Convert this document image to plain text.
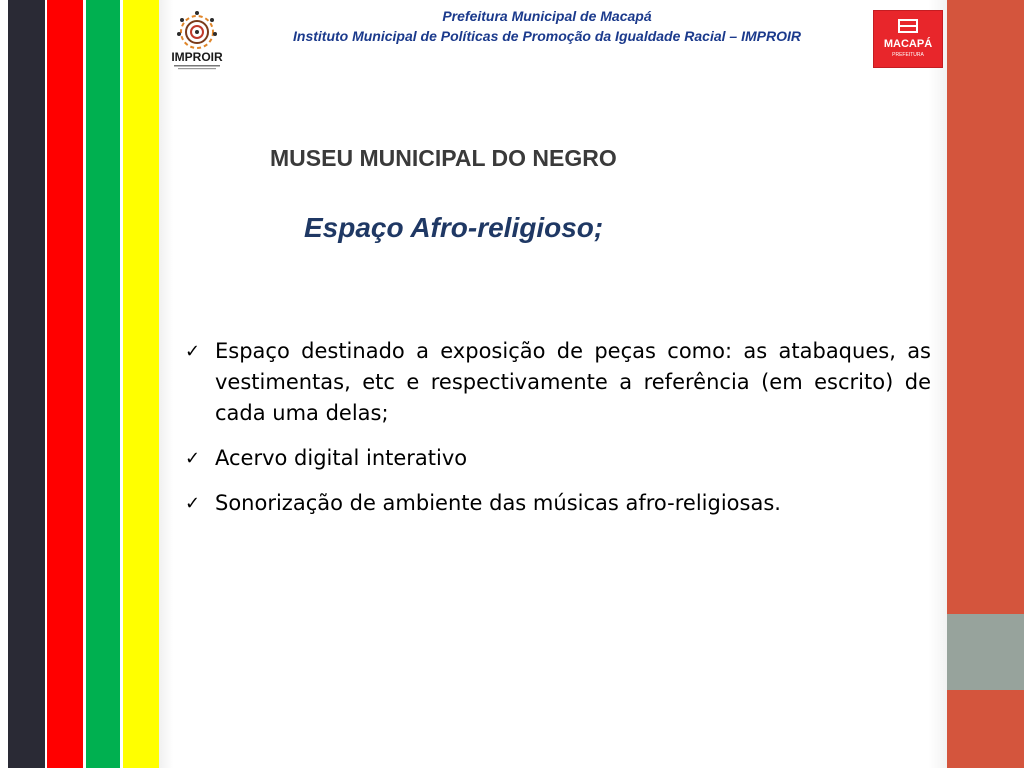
IMPROIR
Prefeitura Municipal de Macapá
Instituto Municipal de Políticas de Promoção da Igualdade Racial – IMPROIR	MACAPÁ
PREFEITURA
MUSEU MUNICIPAL DO NEGRO
Espaço Afro-religioso;
✓ Espaço destinado a exposição de peças como: as atabaques, as vestimentas, etc e respectivamente a referência (em escrito) de cada uma delas;
✓ Acervo digital interativo
✓ Sonorização de ambiente das músicas afro-religiosas.
